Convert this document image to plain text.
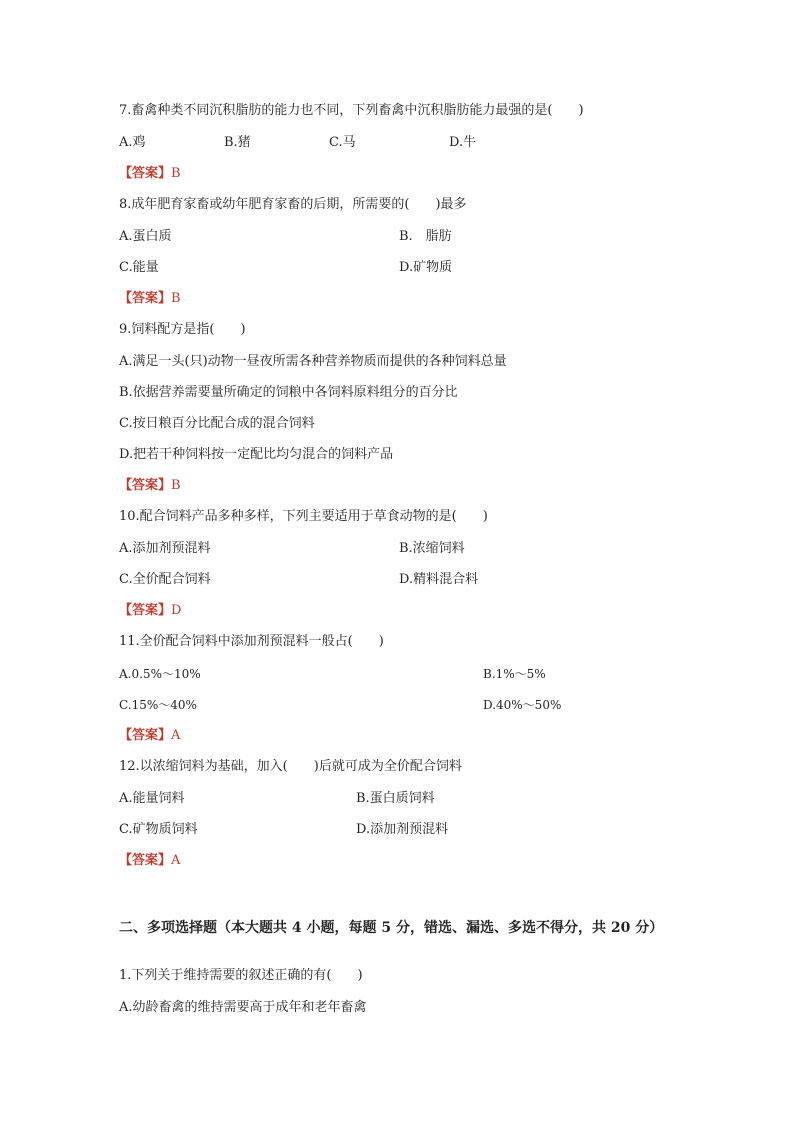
7.畜禽种类不同沉积脂肪的能力也不同，下列畜禽中沉积脂肪能力最强的是(　　)
A.鸡	B.猪	C.马	D.牛
【答案】B
8.成年肥育家畜或幼年肥育家畜的后期，所需要的(　　)最多
A.蛋白质	B.　脂肪
C.能量	D.矿物质
【答案】B
9.饲料配方是指(　　)
A.满足一头(只)动物一昼夜所需各种营养物质而提供的各种饲料总量
B.依据营养需要量所确定的饲粮中各饲料原料组分的百分比
C.按日粮百分比配合成的混合饲料
D.把若干种饲料按一定配比均匀混合的饲料产品
【答案】B
10.配合饲料产品多种多样，下列主要适用于草食动物的是(　　)
A.添加剂预混料	B.浓缩饲料
C.全价配合饲料	D.精料混合料
【答案】D
11.全价配合饲料中添加剂预混料一般占(　　)
A.0.5%～10%	B.1%～5%
C.15%～40%	D.40%～50%
【答案】A
12.以浓缩饲料为基础，加入(　　)后就可成为全价配合饲料
A.能量饲料	B.蛋白质饲料
C.矿物质饲料	D.添加剂预混料
【答案】A
二、多项选择题（本大题共 4 小题，每题 5 分，错选、漏选、多选不得分，共 20 分）
1.下列关于维持需要的叙述正确的有(　　)
A.幼龄畜禽的维持需要高于成年和老年畜禽
